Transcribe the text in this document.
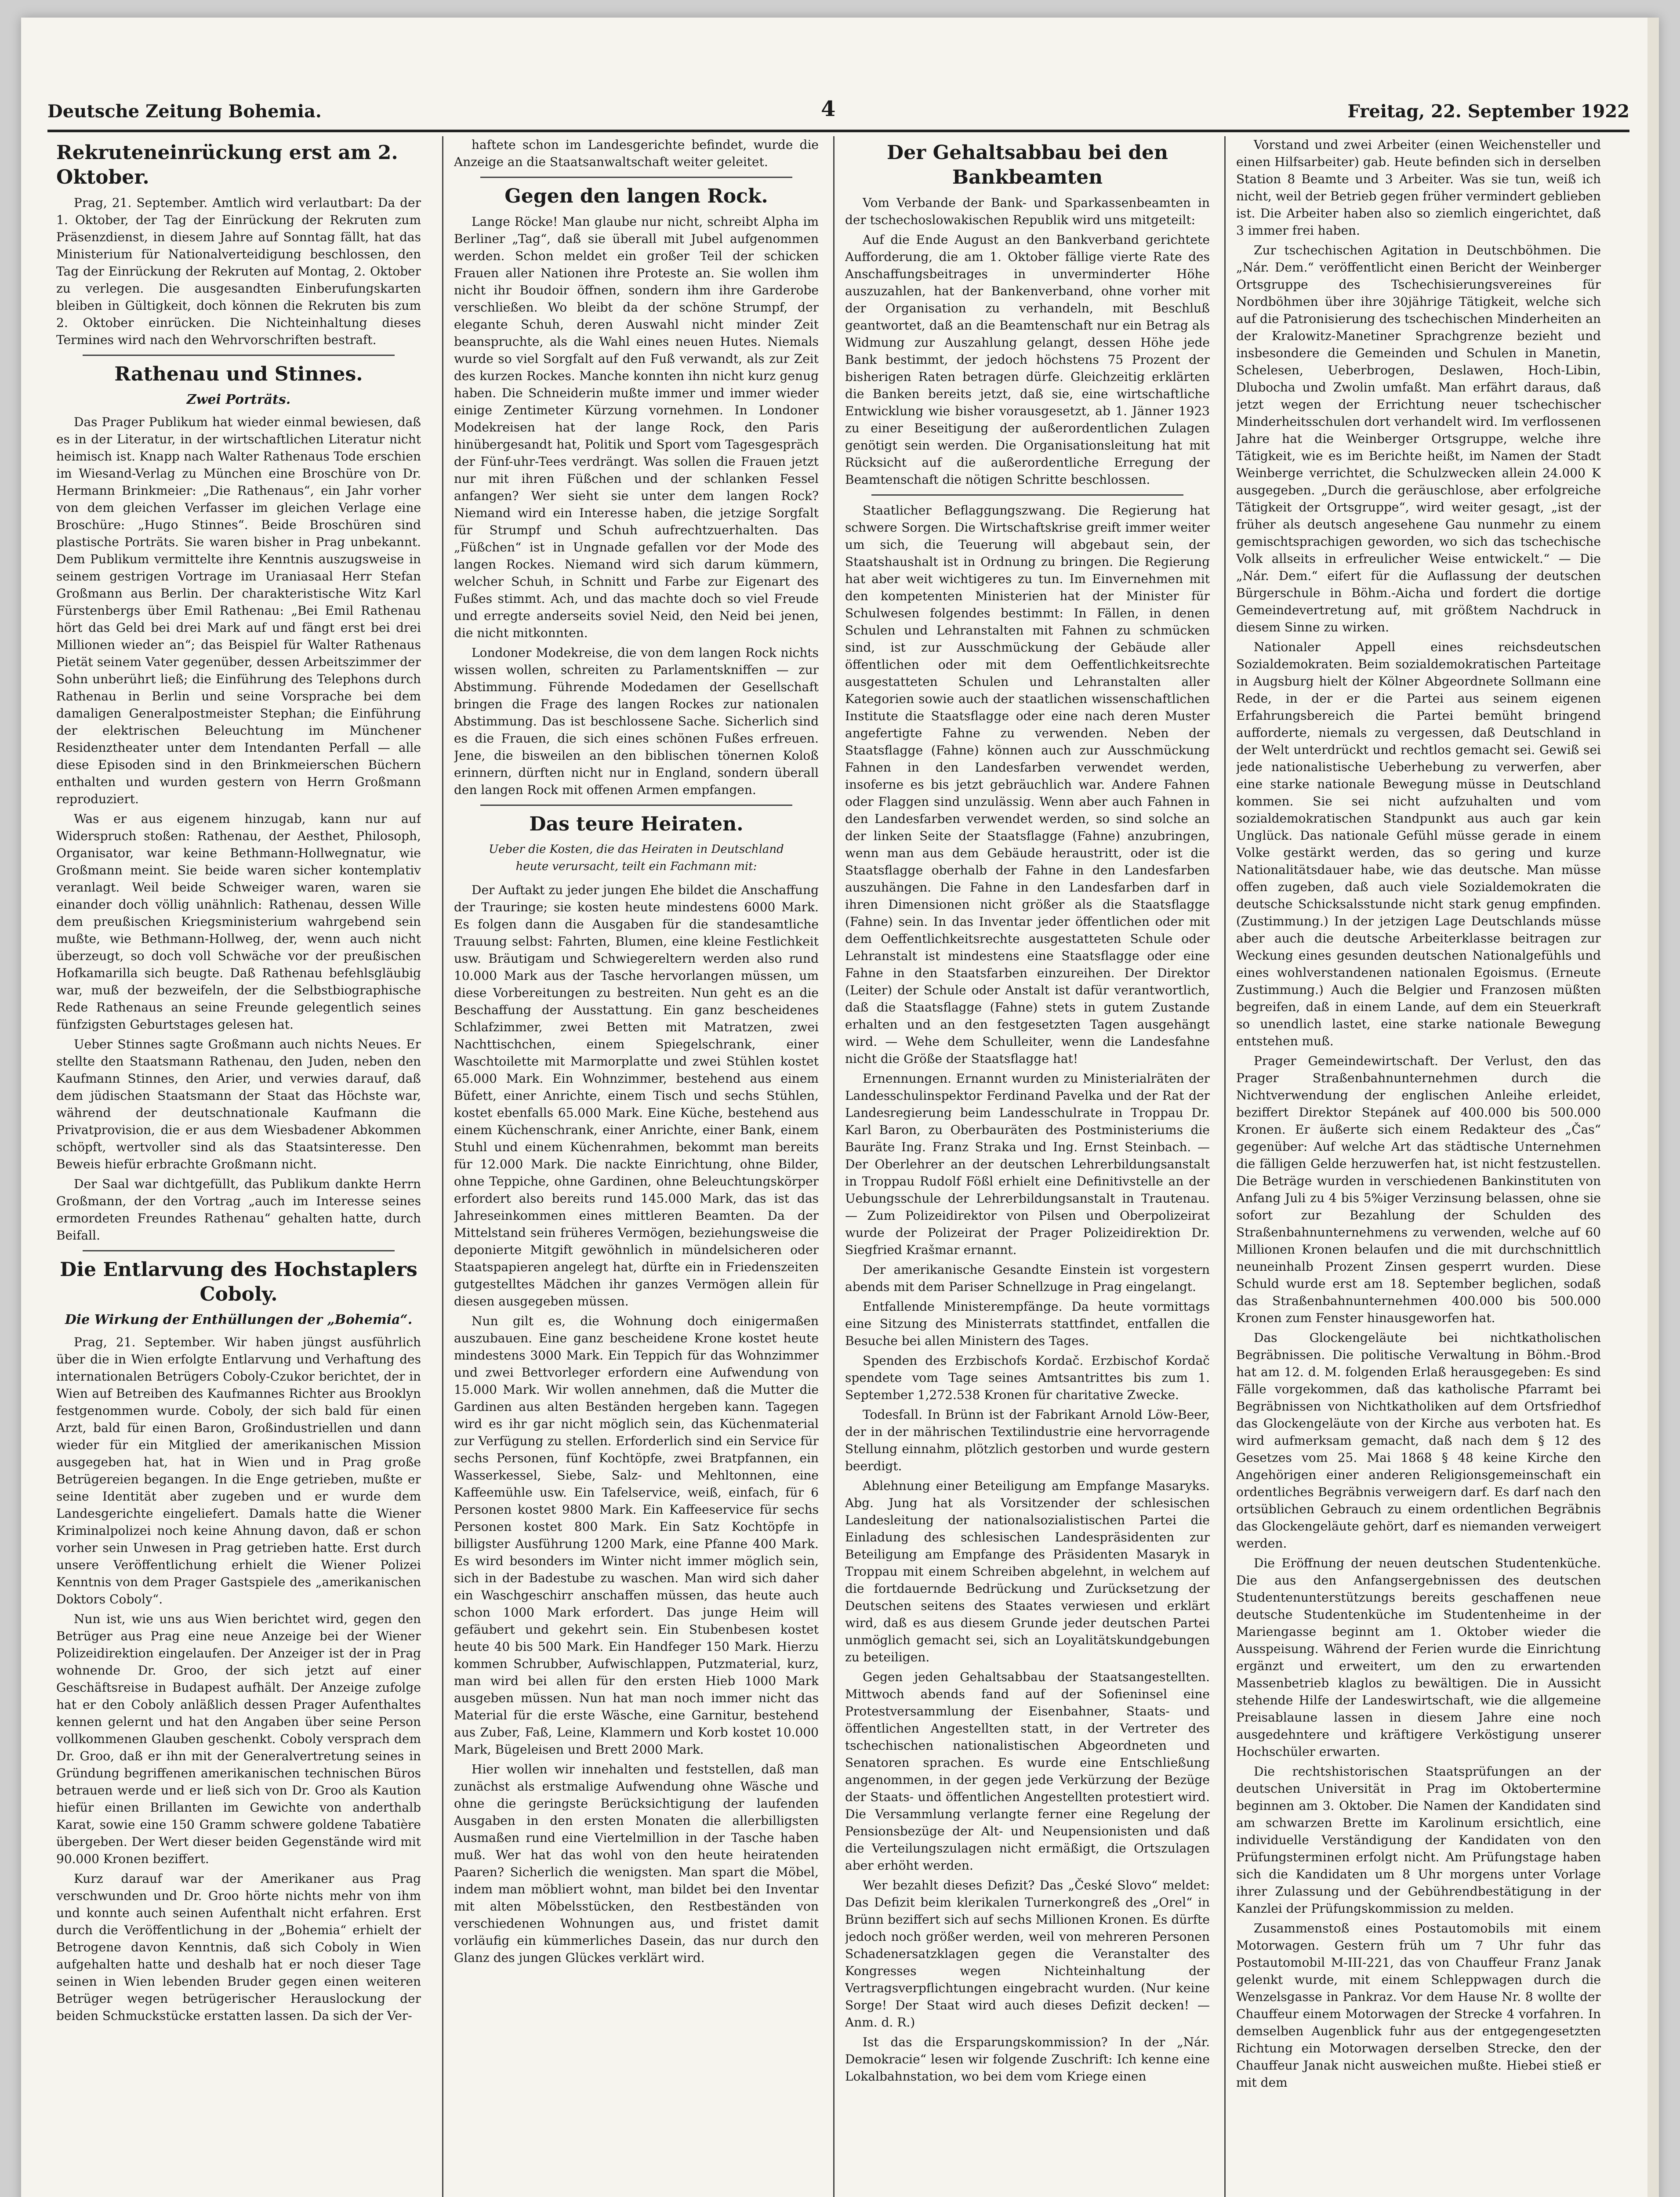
Deutsche Zeitung Bohemia.	4	Freitag, 22. September 1922
Rekruteneinrückung erst am 2. Oktober.

Prag, 21. September. Amtlich wird verlautbart: Da der 1. Oktober, der Tag der Einrückung der Rekruten zum Präsenzdienst, in diesem Jahre auf Sonntag fällt, hat das Ministerium für Nationalverteidigung beschlossen, den Tag der Einrückung der Rekruten auf Montag, 2. Oktober zu verlegen. Die ausgesandten Einberufungskarten bleiben in Gültigkeit, doch können die Rekruten bis zum 2. Oktober einrücken. Die Nichteinhaltung dieses Termines wird nach den Wehrvorschriften bestraft.

Rathenau und Stinnes.
Zwei Porträts.

Das Prager Publikum hat wieder einmal bewiesen, daß es in der Literatur, in der wirtschaftlichen Literatur nicht heimisch ist. Knapp nach Walter Rathenaus Tode erschien im Wiesand-Verlag zu München eine Broschüre von Dr. Hermann Brinkmeier: „Die Rathenaus“, ein Jahr vorher von dem gleichen Verfasser im gleichen Verlage eine Broschüre: „Hugo Stinnes“. Beide Broschüren sind plastische Porträts. Sie waren bisher in Prag unbekannt. Dem Publikum vermittelte ihre Kenntnis auszugsweise in seinem gestrigen Vortrage im Uraniasaal Herr Stefan Großmann aus Berlin. Der charakteristische Witz Karl Fürstenbergs über Emil Rathenau: „Bei Emil Rathenau hört das Geld bei drei Mark auf und fängt erst bei drei Millionen wieder an“; das Beispiel für Walter Rathenaus Pietät seinem Vater gegenüber, dessen Arbeitszimmer der Sohn unberührt ließ; die Einführung des Telephons durch Rathenau in Berlin und seine Vorsprache bei dem damaligen Generalpostmeister Stephan; die Einführung der elektrischen Beleuchtung im Münchener Residenztheater unter dem Intendanten Perfall — alle diese Episoden sind in den Brinkmeierschen Büchern enthalten und wurden gestern von Herrn Großmann reproduziert.

Was er aus eigenem hinzugab, kann nur auf Widerspruch stoßen: Rathenau, der Aesthet, Philosoph, Organisator, war keine Bethmann-Hollwegnatur, wie Großmann meint. Sie beide waren sicher kontemplativ veranlagt. Weil beide Schweiger waren, waren sie einander doch völlig unähnlich: Rathenau, dessen Wille dem preußischen Kriegsministerium wahrgebend sein mußte, wie Bethmann-Hollweg, der, wenn auch nicht überzeugt, so doch voll Schwäche vor der preußischen Hofkamarilla sich beugte. Daß Rathenau befehlsgläubig war, muß der bezweifeln, der die Selbstbiographische Rede Rathenaus an seine Freunde gelegentlich seines fünfzigsten Geburtstages gelesen hat.

Ueber Stinnes sagte Großmann auch nichts Neues. Er stellte den Staatsmann Rathenau, den Juden, neben den Kaufmann Stinnes, den Arier, und verwies darauf, daß dem jüdischen Staatsmann der Staat das Höchste war, während der deutschnationale Kaufmann die Privatprovision, die er aus dem Wiesbadener Abkommen schöpft, wertvoller sind als das Staatsinteresse. Den Beweis hiefür erbrachte Großmann nicht.

Der Saal war dichtgefüllt, das Publikum dankte Herrn Großmann, der den Vortrag „auch im Interesse seines ermordeten Freundes Rathenau“ gehalten hatte, durch Beifall.

Die Entlarvung des Hochstaplers Coboly.
Die Wirkung der Enthüllungen der „Bohemia“.

Prag, 21. September. Wir haben jüngst ausführlich über die in Wien erfolgte Entlarvung und Verhaftung des internationalen Betrügers Coboly-Czukor berichtet, der in Wien auf Betreiben des Kaufmannes Richter aus Brooklyn festgenommen wurde. Coboly, der sich bald für einen Arzt, bald für einen Baron, Großindustriellen und dann wieder für ein Mitglied der amerikanischen Mission ausgegeben hat, hat in Wien und in Prag große Betrügereien begangen. In die Enge getrieben, mußte er seine Identität aber zugeben und er wurde dem Landesgerichte eingeliefert. Damals hatte die Wiener Kriminalpolizei noch keine Ahnung davon, daß er schon vorher sein Unwesen in Prag getrieben hatte. Erst durch unsere Veröffentlichung erhielt die Wiener Polizei Kenntnis von dem Prager Gastspiele des „amerikanischen Doktors Coboly“.

Nun ist, wie uns aus Wien berichtet wird, gegen den Betrüger aus Prag eine neue Anzeige bei der Wiener Polizeidirektion eingelaufen. Der Anzeiger ist der in Prag wohnende Dr. Groo, der sich jetzt auf einer Geschäftsreise in Budapest aufhält. Der Anzeige zufolge hat er den Coboly anläßlich dessen Prager Aufenthaltes kennen gelernt und hat den Angaben über seine Person vollkommenen Glauben geschenkt. Coboly versprach dem Dr. Groo, daß er ihn mit der Generalvertretung seines in Gründung begriffenen amerikanischen technischen Büros betrauen werde und er ließ sich von Dr. Groo als Kaution hiefür einen Brillanten im Gewichte von anderthalb Karat, sowie eine 150 Gramm schwere goldene Tabatière übergeben. Der Wert dieser beiden Gegenstände wird mit 90.000 Kronen beziffert.

Kurz darauf war der Amerikaner aus Prag verschwunden und Dr. Groo hörte nichts mehr von ihm und konnte auch seinen Aufenthalt nicht erfahren. Erst durch die Veröffentlichung in der „Bohemia“ erhielt der Betrogene davon Kenntnis, daß sich Coboly in Wien aufgehalten hatte und deshalb hat er noch dieser Tage seinen in Wien lebenden Bruder gegen einen weiteren Betrüger wegen betrügerischer Herauslockung der beiden Schmuckstücke erstatten lassen. Da sich der Ver-

haftete schon im Landesgerichte befindet, wurde die Anzeige an die Staatsanwaltschaft weiter geleitet.

Gegen den langen Rock.

Lange Röcke! Man glaube nur nicht, schreibt Alpha im Berliner „Tag“, daß sie überall mit Jubel aufgenommen werden. Schon meldet ein großer Teil der schicken Frauen aller Nationen ihre Proteste an. Sie wollen ihm nicht ihr Boudoir öffnen, sondern ihm ihre Garderobe verschließen. Wo bleibt da der schöne Strumpf, der elegante Schuh, deren Auswahl nicht minder Zeit beanspruchte, als die Wahl eines neuen Hutes. Niemals wurde so viel Sorgfalt auf den Fuß verwandt, als zur Zeit des kurzen Rockes. Manche konnten ihn nicht kurz genug haben. Die Schneiderin mußte immer und immer wieder einige Zentimeter Kürzung vornehmen. In Londoner Modekreisen hat der lange Rock, den Paris hinübergesandt hat, Politik und Sport vom Tagesgespräch der Fünf-uhr-Tees verdrängt. Was sollen die Frauen jetzt nur mit ihren Füßchen und der schlanken Fessel anfangen? Wer sieht sie unter dem langen Rock? Niemand wird ein Interesse haben, die jetzige Sorgfalt für Strumpf und Schuh aufrechtzuerhalten. Das „Füßchen“ ist in Ungnade gefallen vor der Mode des langen Rockes. Niemand wird sich darum kümmern, welcher Schuh, in Schnitt und Farbe zur Eigenart des Fußes stimmt. Ach, und das machte doch so viel Freude und erregte anderseits soviel Neid, den Neid bei jenen, die nicht mitkonnten.

Londoner Modekreise, die von dem langen Rock nichts wissen wollen, schreiten zu Parlamentskniffen — zur Abstimmung. Führende Modedamen der Gesellschaft bringen die Frage des langen Rockes zur nationalen Abstimmung. Das ist beschlossene Sache. Sicherlich sind es die Frauen, die sich eines schönen Fußes erfreuen. Jene, die bisweilen an den biblischen tönernen Koloß erinnern, dürften nicht nur in England, sondern überall den langen Rock mit offenen Armen empfangen.

Das teure Heiraten.
Ueber die Kosten, die das Heiraten in Deutschland heute verursacht, teilt ein Fachmann mit:

Der Auftakt zu jeder jungen Ehe bildet die Anschaffung der Trauringe; sie kosten heute mindestens 6000 Mark. Es folgen dann die Ausgaben für die standesamtliche Trauung selbst: Fahrten, Blumen, eine kleine Festlichkeit usw. Bräutigam und Schwiegereltern werden also rund 10.000 Mark aus der Tasche hervorlangen müssen, um diese Vorbereitungen zu bestreiten. Nun geht es an die Beschaffung der Ausstattung. Ein ganz bescheidenes Schlafzimmer, zwei Betten mit Matratzen, zwei Nachttischchen, einem Spiegelschrank, einer Waschtoilette mit Marmorplatte und zwei Stühlen kostet 65.000 Mark. Ein Wohnzimmer, bestehend aus einem Büfett, einer Anrichte, einem Tisch und sechs Stühlen, kostet ebenfalls 65.000 Mark. Eine Küche, bestehend aus einem Küchenschrank, einer Anrichte, einer Bank, einem Stuhl und einem Küchenrahmen, bekommt man bereits für 12.000 Mark. Die nackte Einrichtung, ohne Bilder, ohne Teppiche, ohne Gardinen, ohne Beleuchtungskörper erfordert also bereits rund 145.000 Mark, das ist das Jahreseinkommen eines mittleren Beamten. Da der Mittelstand sein früheres Vermögen, beziehungsweise die deponierte Mitgift gewöhnlich in mündelsicheren oder Staatspapieren angelegt hat, dürfte ein in Friedenszeiten gutgestelltes Mädchen ihr ganzes Vermögen allein für diesen ausgegeben müssen.

Nun gilt es, die Wohnung doch einigermaßen auszubauen. Eine ganz bescheidene Krone kostet heute mindestens 3000 Mark. Ein Teppich für das Wohnzimmer und zwei Bettvorleger erfordern eine Aufwendung von 15.000 Mark. Wir wollen annehmen, daß die Mutter die Gardinen aus alten Beständen hergeben kann. Tagegen wird es ihr gar nicht möglich sein, das Küchenmaterial zur Verfügung zu stellen. Erforderlich sind ein Service für sechs Personen, fünf Kochtöpfe, zwei Bratpfannen, ein Wasserkessel, Siebe, Salz- und Mehltonnen, eine Kaffeemühle usw. Ein Tafelservice, weiß, einfach, für 6 Personen kostet 9800 Mark. Ein Kaffeeservice für sechs Personen kostet 800 Mark. Ein Satz Kochtöpfe in billigster Ausführung 1200 Mark, eine Pfanne 400 Mark. Es wird besonders im Winter nicht immer möglich sein, sich in der Badestube zu waschen. Man wird sich daher ein Waschgeschirr anschaffen müssen, das heute auch schon 1000 Mark erfordert. Das junge Heim will gefäubert und gekehrt sein. Ein Stubenbesen kostet heute 40 bis 500 Mark. Ein Handfeger 150 Mark. Hierzu kommen Schrubber, Aufwischlappen, Putzmaterial, kurz, man wird bei allen für den ersten Hieb 1000 Mark ausgeben müssen. Nun hat man noch immer nicht das Material für die erste Wäsche, eine Garnitur, bestehend aus Zuber, Faß, Leine, Klammern und Korb kostet 10.000 Mark, Bügeleisen und Brett 2000 Mark.

Hier wollen wir innehalten und feststellen, daß man zunächst als erstmalige Aufwendung ohne Wäsche und ohne die geringste Berücksichtigung der laufenden Ausgaben in den ersten Monaten die allerbilligsten Ausmaßen rund eine Viertelmillion in der Tasche haben muß. Wer hat das wohl von den heute heiratenden Paaren? Sicherlich die wenigsten. Man spart die Möbel, indem man möbliert wohnt, man bildet bei den Inventar mit alten Möbelsstücken, den Restbeständen von verschiedenen Wohnungen aus, und fristet damit vorläufig ein kümmerliches Dasein, das nur durch den Glanz des jungen Glückes verklärt wird.

Der Gehaltsabbau bei den Bankbeamten

Vom Verbande der Bank- und Sparkassenbeamten in der tschechoslowakischen Republik wird uns mitgeteilt:

Auf die Ende August an den Bankverband gerichtete Aufforderung, die am 1. Oktober fällige vierte Rate des Anschaffungsbeitrages in unverminderter Höhe auszuzahlen, hat der Bankenverband, ohne vorher mit der Organisation zu verhandeln, mit Beschluß geantwortet, daß an die Beamtenschaft nur ein Betrag als Widmung zur Auszahlung gelangt, dessen Höhe jede Bank bestimmt, der jedoch höchstens 75 Prozent der bisherigen Raten betragen dürfe. Gleichzeitig erklärten die Banken bereits jetzt, daß sie, eine wirtschaftliche Entwicklung wie bisher vorausgesetzt, ab 1. Jänner 1923 zu einer Beseitigung der außerordentlichen Zulagen genötigt sein werden. Die Organisationsleitung hat mit Rücksicht auf die außerordentliche Erregung der Beamtenschaft die nötigen Schritte beschlossen.

Staatlicher Beflaggungszwang. Die Regierung hat schwere Sorgen. Die Wirtschaftskrise greift immer weiter um sich, die Teuerung will abgebaut sein, der Staatshaushalt ist in Ordnung zu bringen. Die Regierung hat aber weit wichtigeres zu tun. Im Einvernehmen mit den kompetenten Ministerien hat der Minister für Schulwesen folgendes bestimmt: In Fällen, in denen Schulen und Lehranstalten mit Fahnen zu schmücken sind, ist zur Ausschmückung der Gebäude aller öffentlichen oder mit dem Oeffentlichkeitsrechte ausgestatteten Schulen und Lehranstalten aller Kategorien sowie auch der staatlichen wissenschaftlichen Institute die Staatsflagge oder eine nach deren Muster angefertigte Fahne zu verwenden. Neben der Staatsflagge (Fahne) können auch zur Ausschmückung Fahnen in den Landesfarben verwendet werden, insoferne es bis jetzt gebräuchlich war. Andere Fahnen oder Flaggen sind unzulässig. Wenn aber auch Fahnen in den Landesfarben verwendet werden, so sind solche an der linken Seite der Staatsflagge (Fahne) anzubringen, wenn man aus dem Gebäude heraustritt, oder ist die Staatsflagge oberhalb der Fahne in den Landesfarben auszuhängen. Die Fahne in den Landesfarben darf in ihren Dimensionen nicht größer als die Staatsflagge (Fahne) sein. In das Inventar jeder öffentlichen oder mit dem Oeffentlichkeitsrechte ausgestatteten Schule oder Lehranstalt ist mindestens eine Staatsflagge oder eine Fahne in den Staatsfarben einzureihen. Der Direktor (Leiter) der Schule oder Anstalt ist dafür verantwortlich, daß die Staatsflagge (Fahne) stets in gutem Zustande erhalten und an den festgesetzten Tagen ausgehängt wird. — Wehe dem Schulleiter, wenn die Landesfahne nicht die Größe der Staatsflagge hat!

Ernennungen. Ernannt wurden zu Ministerialräten der Landesschulinspektor Ferdinand Pavelka und der Rat der Landesregierung beim Landesschulrate in Troppau Dr. Karl Baron, zu Oberbauräten des Postministeriums die Bauräte Ing. Franz Straka und Ing. Ernst Steinbach. — Der Oberlehrer an der deutschen Lehrerbildungsanstalt in Troppau Rudolf Fößl erhielt eine Definitivstelle an der Uebungsschule der Lehrerbildungsanstalt in Trautenau. — Zum Polizeidirektor von Pilsen und Oberpolizeirat wurde der Polizeirat der Prager Polizeidirektion Dr. Siegfried Krašmar ernannt.

Der amerikanische Gesandte Einstein ist vorgestern abends mit dem Pariser Schnellzuge in Prag eingelangt.

Entfallende Ministerempfänge. Da heute vormittags eine Sitzung des Ministerrats stattfindet, entfallen die Besuche bei allen Ministern des Tages.

Spenden des Erzbischofs Kordač. Erzbischof Kordač spendete vom Tage seines Amtsantrittes bis zum 1. September 1,272.538 Kronen für charitative Zwecke.

Todesfall. In Brünn ist der Fabrikant Arnold Löw-Beer, der in der mährischen Textilindustrie eine hervorragende Stellung einnahm, plötzlich gestorben und wurde gestern beerdigt.

Ablehnung einer Beteiligung am Empfange Masaryks. Abg. Jung hat als Vorsitzender der schlesischen Landesleitung der nationalsozialistischen Partei die Einladung des schlesischen Landespräsidenten zur Beteiligung am Empfange des Präsidenten Masaryk in Troppau mit einem Schreiben abgelehnt, in welchem auf die fortdauernde Bedrückung und Zurücksetzung der Deutschen seitens des Staates verwiesen und erklärt wird, daß es aus diesem Grunde jeder deutschen Partei unmöglich gemacht sei, sich an Loyalitätskundgebungen zu beteiligen.

Gegen jeden Gehaltsabbau der Staatsangestellten. Mittwoch abends fand auf der Sofieninsel eine Protestversammlung der Eisenbahner, Staats- und öffentlichen Angestellten statt, in der Vertreter des tschechischen nationalistischen Abgeordneten und Senatoren sprachen. Es wurde eine Entschließung angenommen, in der gegen jede Verkürzung der Bezüge der Staats- und öffentlichen Angestellten protestiert wird. Die Versammlung verlangte ferner eine Regelung der Pensionsbezüge der Alt- und Neupensionisten und daß die Verteilungszulagen nicht ermäßigt, die Ortszulagen aber erhöht werden.

Wer bezahlt dieses Defizit? Das „České Slovo“ meldet: Das Defizit beim klerikalen Turnerkongreß des „Orel“ in Brünn beziffert sich auf sechs Millionen Kronen. Es dürfte jedoch noch größer werden, weil von mehreren Personen Schadenersatzklagen gegen die Veranstalter des Kongresses wegen Nichteinhaltung der Vertragsverpflichtungen eingebracht wurden. (Nur keine Sorge! Der Staat wird auch dieses Defizit decken! — Anm. d. R.)

Ist das die Ersparungskommission? In der „Nár. Demokracie“ lesen wir folgende Zuschrift: Ich kenne eine Lokalbahnstation, wo bei dem vom Kriege einen

Vorstand und zwei Arbeiter (einen Weichensteller und einen Hilfsarbeiter) gab. Heute befinden sich in derselben Station 8 Beamte und 3 Arbeiter. Was sie tun, weiß ich nicht, weil der Betrieb gegen früher vermindert geblieben ist. Die Arbeiter haben also so ziemlich eingerichtet, daß 3 immer frei haben.

Zur tschechischen Agitation in Deutschböhmen. Die „Nár. Dem.“ veröffentlicht einen Bericht der Weinberger Ortsgruppe des Tschechisierungsvereines für Nordböhmen über ihre 30jährige Tätigkeit, welche sich auf die Patronisierung des tschechischen Minderheiten an der Kralowitz-Manetiner Sprachgrenze bezieht und insbesondere die Gemeinden und Schulen in Manetin, Schelesen, Ueberbrogen, Deslawen, Hoch-Libin, Dlubocha und Zwolin umfaßt. Man erfährt daraus, daß jetzt wegen der Errichtung neuer tschechischer Minderheitsschulen dort verhandelt wird. Im verflossenen Jahre hat die Weinberger Ortsgruppe, welche ihre Tätigkeit, wie es im Berichte heißt, im Namen der Stadt Weinberge verrichtet, die Schulzwecken allein 24.000 K ausgegeben. „Durch die geräuschlose, aber erfolgreiche Tätigkeit der Ortsgruppe“, wird weiter gesagt, „ist der früher als deutsch angesehene Gau nunmehr zu einem gemischtsprachigen geworden, wo sich das tschechische Volk allseits in erfreulicher Weise entwickelt.“ — Die „Nár. Dem.“ eifert für die Auflassung der deutschen Bürgerschule in Böhm.-Aicha und fordert die dortige Gemeindevertretung auf, mit größtem Nachdruck in diesem Sinne zu wirken.

Nationaler Appell eines reichsdeutschen Sozialdemokraten. Beim sozialdemokratischen Parteitage in Augsburg hielt der Kölner Abgeordnete Sollmann eine Rede, in der er die Partei aus seinem eigenen Erfahrungsbereich die Partei bemüht bringend aufforderte, niemals zu vergessen, daß Deutschland in der Welt unterdrückt und rechtlos gemacht sei. Gewiß sei jede nationalistische Ueberhebung zu verwerfen, aber eine starke nationale Bewegung müsse in Deutschland kommen. Sie sei nicht aufzuhalten und vom sozialdemokratischen Standpunkt aus auch gar kein Unglück. Das nationale Gefühl müsse gerade in einem Volke gestärkt werden, das so gering und kurze Nationalitätsdauer habe, wie das deutsche. Man müsse offen zugeben, daß auch viele Sozialdemokraten die deutsche Schicksalsstunde nicht stark genug empfinden. (Zustimmung.) In der jetzigen Lage Deutschlands müsse aber auch die deutsche Arbeiterklasse beitragen zur Weckung eines gesunden deutschen Nationalgefühls und eines wohlverstandenen nationalen Egoismus. (Erneute Zustimmung.) Auch die Belgier und Franzosen müßten begreifen, daß in einem Lande, auf dem ein Steuerkraft so unendlich lastet, eine starke nationale Bewegung entstehen muß.

Prager Gemeindewirtschaft. Der Verlust, den das Prager Straßenbahnunternehmen durch die Nichtverwendung der englischen Anleihe erleidet, beziffert Direktor Stepánek auf 400.000 bis 500.000 Kronen. Er äußerte sich einem Redakteur des „Čas“ gegenüber: Auf welche Art das städtische Unternehmen die fälligen Gelde herzuwerfen hat, ist nicht festzustellen. Die Beträge wurden in verschiedenen Bankinstituten von Anfang Juli zu 4 bis 5%iger Verzinsung belassen, ohne sie sofort zur Bezahlung der Schulden des Straßenbahnunternehmens zu verwenden, welche auf 60 Millionen Kronen belaufen und die mit durchschnittlich neuneinhalb Prozent Zinsen gesperrt wurden. Diese Schuld wurde erst am 18. September beglichen, sodaß das Straßenbahnunternehmen 400.000 bis 500.000 Kronen zum Fenster hinausgeworfen hat.

Das Glockengeläute bei nichtkatholischen Begräbnissen. Die politische Verwaltung in Böhm.-Brod hat am 12. d. M. folgenden Erlaß herausgegeben: Es sind Fälle vorgekommen, daß das katholische Pfarramt bei Begräbnissen von Nichtkatholiken auf dem Ortsfriedhof das Glockengeläute von der Kirche aus verboten hat. Es wird aufmerksam gemacht, daß nach dem § 12 des Gesetzes vom 25. Mai 1868 § 48 keine Kirche den Angehörigen einer anderen Religionsgemeinschaft ein ordentliches Begräbnis verweigern darf. Es darf nach den ortsüblichen Gebrauch zu einem ordentlichen Begräbnis das Glockengeläute gehört, darf es niemanden verweigert werden.

Die Eröffnung der neuen deutschen Studentenküche. Die aus den Anfangsergebnissen des deutschen Studentenunterstützungs bereits geschaffenen neue deutsche Studentenküche im Studentenheime in der Mariengasse beginnt am 1. Oktober wieder die Ausspeisung. Während der Ferien wurde die Einrichtung ergänzt und erweitert, um den zu erwartenden Massenbetrieb klaglos zu bewältigen. Die in Aussicht stehende Hilfe der Landeswirtschaft, wie die allgemeine Preisablaune lassen in diesem Jahre eine noch ausgedehntere und kräftigere Verköstigung unserer Hochschüler erwarten.

Die rechtshistorischen Staatsprüfungen an der deutschen Universität in Prag im Oktobertermine beginnen am 3. Oktober. Die Namen der Kandidaten sind am schwarzen Brette im Karolinum ersichtlich, eine individuelle Verständigung der Kandidaten von den Prüfungsterminen erfolgt nicht. Am Prüfungstage haben sich die Kandidaten um 8 Uhr morgens unter Vorlage ihrer Zulassung und der Gebührendbestätigung in der Kanzlei der Prüfungskommission zu melden.

Zusammenstoß eines Postautomobils mit einem Motorwagen. Gestern früh um 7 Uhr fuhr das Postautomobil M-III-221, das von Chauffeur Franz Janak gelenkt wurde, mit einem Schleppwagen durch die Wenzelsgasse in Pankraz. Vor dem Hause Nr. 8 wollte der Chauffeur einem Motorwagen der Strecke 4 vorfahren. In demselben Augenblick fuhr aus der entgegengesetzten Richtung ein Motorwagen derselben Strecke, den der Chauffeur Janak nicht ausweichen mußte. Hiebei stieß er mit dem
